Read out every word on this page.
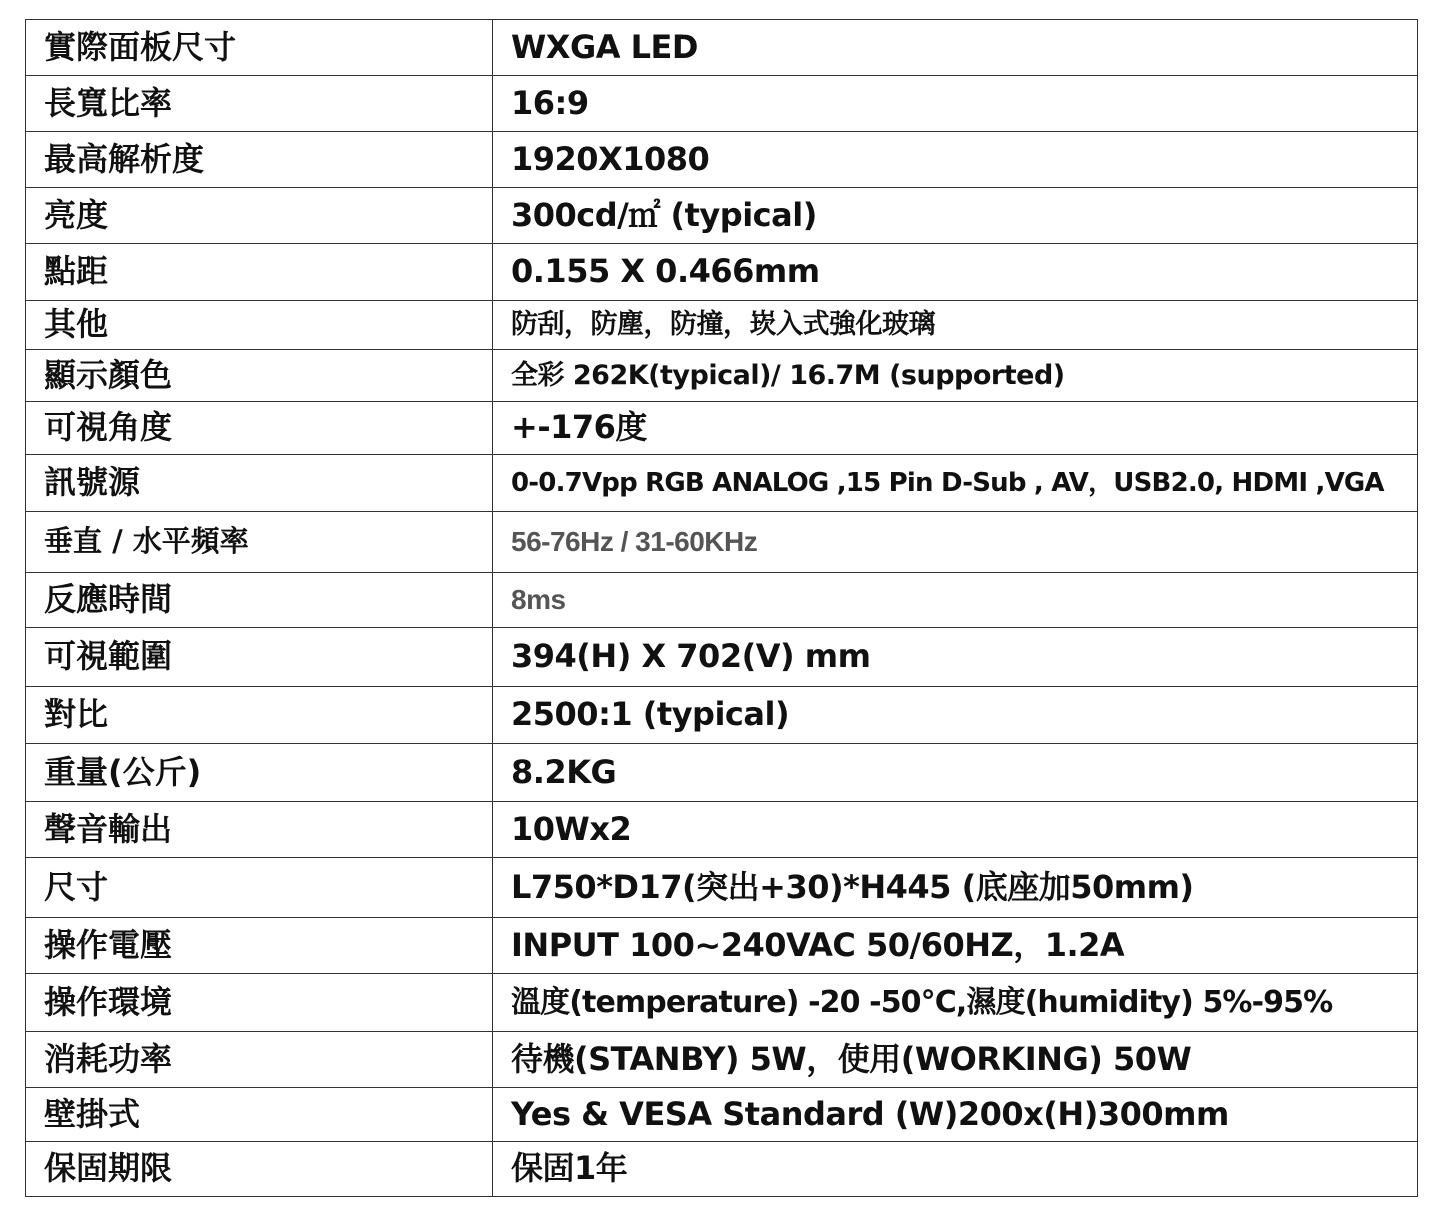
實際面板尺寸	WXGA LED
長寬比率	16:9
最高解析度	1920X1080
亮度	300cd/㎡ (typical)
點距	0.155 X 0.466mm
其他	防刮，防塵，防撞，崁入式強化玻璃
顯示顏色	全彩 262K(typical)/ 16.7M (supported)
可視角度	+-176度
訊號源	0-0.7Vpp RGB ANALOG ,15 Pin D-Sub , AV，USB2.0, HDMI ,VGA
垂直 / 水平頻率	56-76Hz / 31-60KHz
反應時間	8ms
可視範圍	394(H) X 702(V) mm
對比	2500:1 (typical)
重量(公斤)	8.2KG
聲音輸出	10Wx2
尺寸	L750*D17(突出+30)*H445 (底座加50mm)
操作電壓	INPUT 100~240VAC 50/60HZ，1.2A
操作環境	溫度(temperature) -20 -50°C,濕度(humidity) 5%-95%
消耗功率	待機(STANBY) 5W，使用(WORKING) 50W
壁掛式	Yes & VESA Standard (W)200x(H)300mm
保固期限	保固1年
